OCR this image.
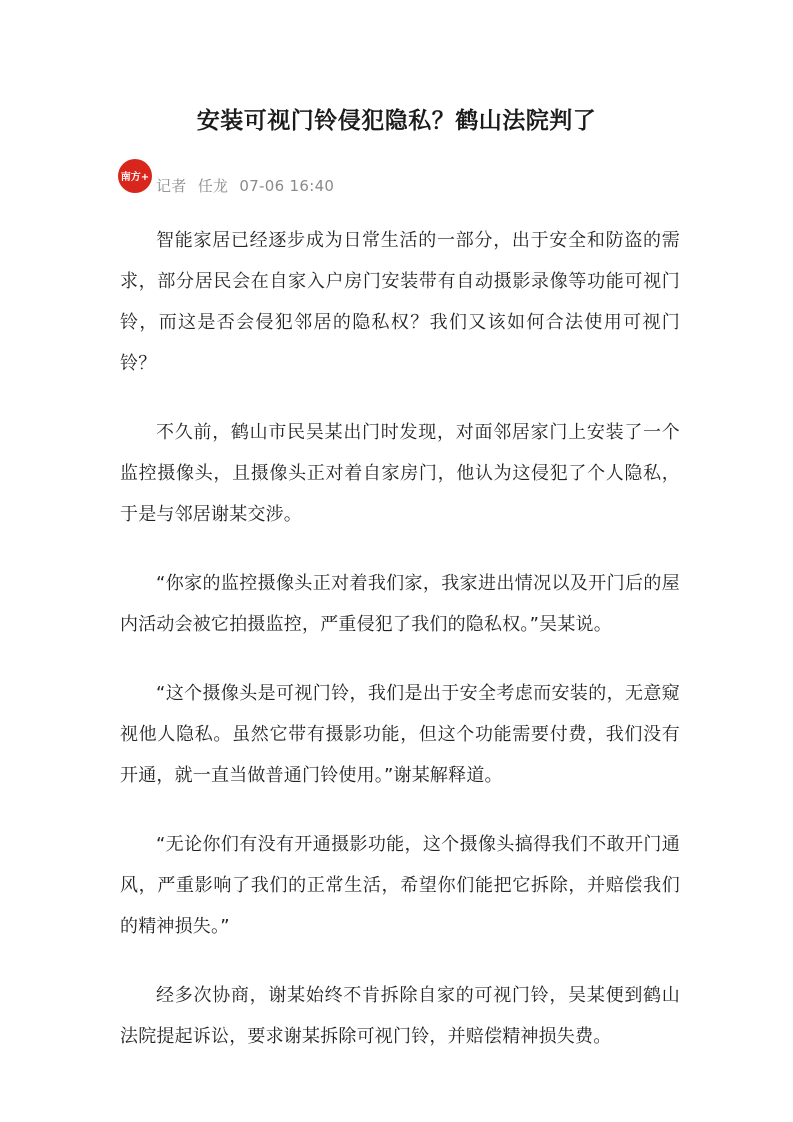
安装可视门铃侵犯隐私？鹤山法院判了
南方+ 记者 任龙 07-06 16:40

智能家居已经逐步成为日常生活的一部分，出于安全和防盗的需求，部分居民会在自家入户房门安装带有自动摄影录像等功能可视门铃，而这是否会侵犯邻居的隐私权？我们又该如何合法使用可视门铃？

不久前，鹤山市民吴某出门时发现，对面邻居家门上安装了一个监控摄像头，且摄像头正对着自家房门，他认为这侵犯了个人隐私，于是与邻居谢某交涉。

“你家的监控摄像头正对着我们家，我家进出情况以及开门后的屋内活动会被它拍摄监控，严重侵犯了我们的隐私权。”吴某说。

“这个摄像头是可视门铃，我们是出于安全考虑而安装的，无意窥视他人隐私。虽然它带有摄影功能，但这个功能需要付费，我们没有开通，就一直当做普通门铃使用。”谢某解释道。

“无论你们有没有开通摄影功能，这个摄像头搞得我们不敢开门通风，严重影响了我们的正常生活，希望你们能把它拆除，并赔偿我们的精神损失。”

经多次协商，谢某始终不肯拆除自家的可视门铃，吴某便到鹤山法院提起诉讼，要求谢某拆除可视门铃，并赔偿精神损失费。
